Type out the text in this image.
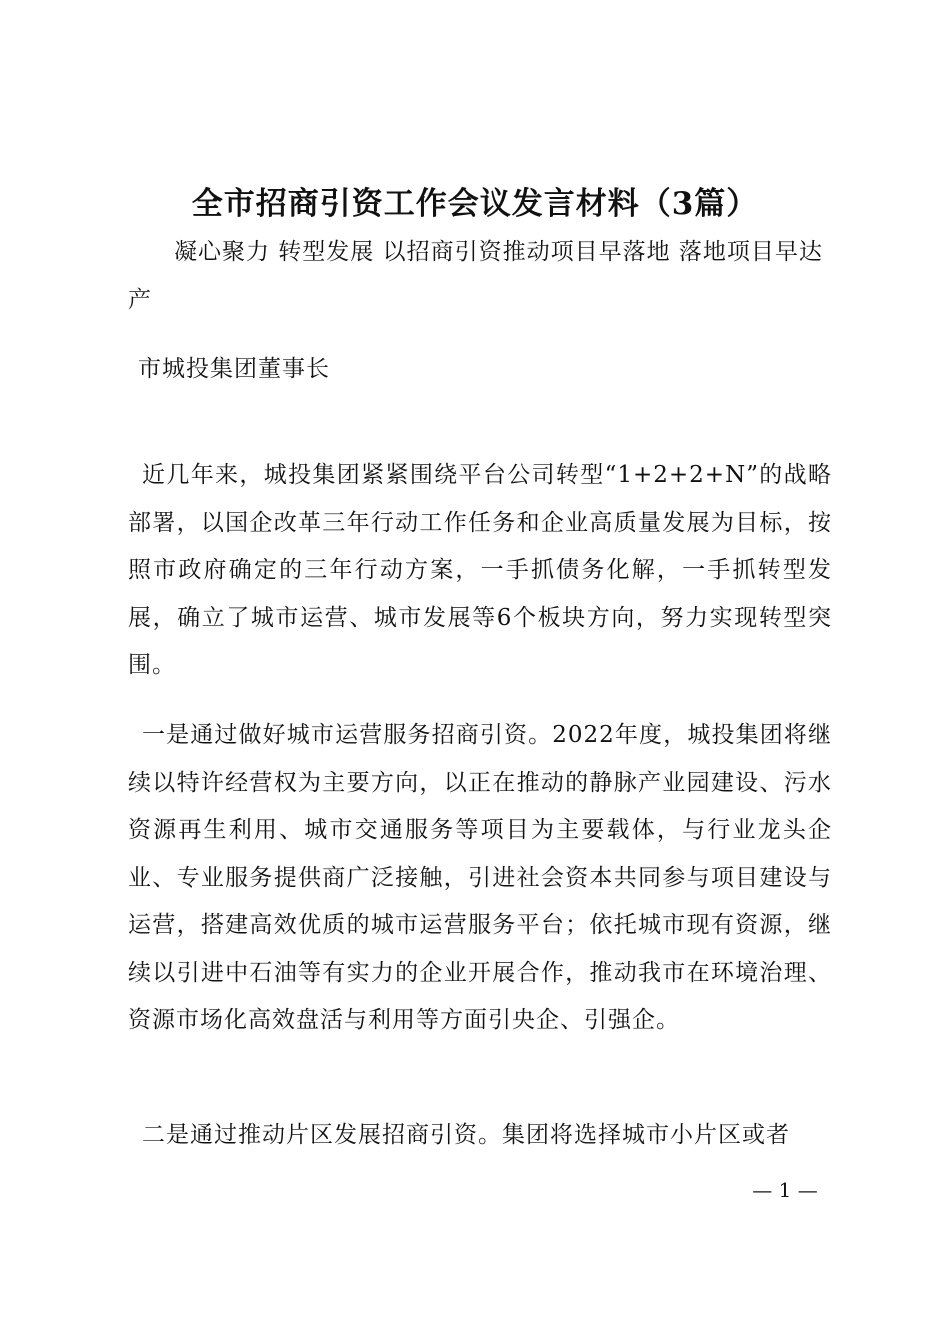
全市招商引资工作会议发言材料（3篇）

凝心聚力 转型发展 以招商引资推动项目早落地 落地项目早达产

市城投集团董事长

近几年来，城投集团紧紧围绕平台公司转型“1+2+2+N”的战略部署，以国企改革三年行动工作任务和企业高质量发展为目标，按照市政府确定的三年行动方案，一手抓债务化解，一手抓转型发展，确立了城市运营、城市发展等6个板块方向，努力实现转型突围。

一是通过做好城市运营服务招商引资。2022年度，城投集团将继续以特许经营权为主要方向，以正在推动的静脉产业园建设、污水资源再生利用、城市交通服务等项目为主要载体，与行业龙头企业、专业服务提供商广泛接触，引进社会资本共同参与项目建设与运营，搭建高效优质的城市运营服务平台；依托城市现有资源，继续以引进中石油等有实力的企业开展合作，推动我市在环境治理、资源市场化高效盘活与利用等方面引央企、引强企。

二是通过推动片区发展招商引资。集团将选择城市小片区或者

— 1 —
